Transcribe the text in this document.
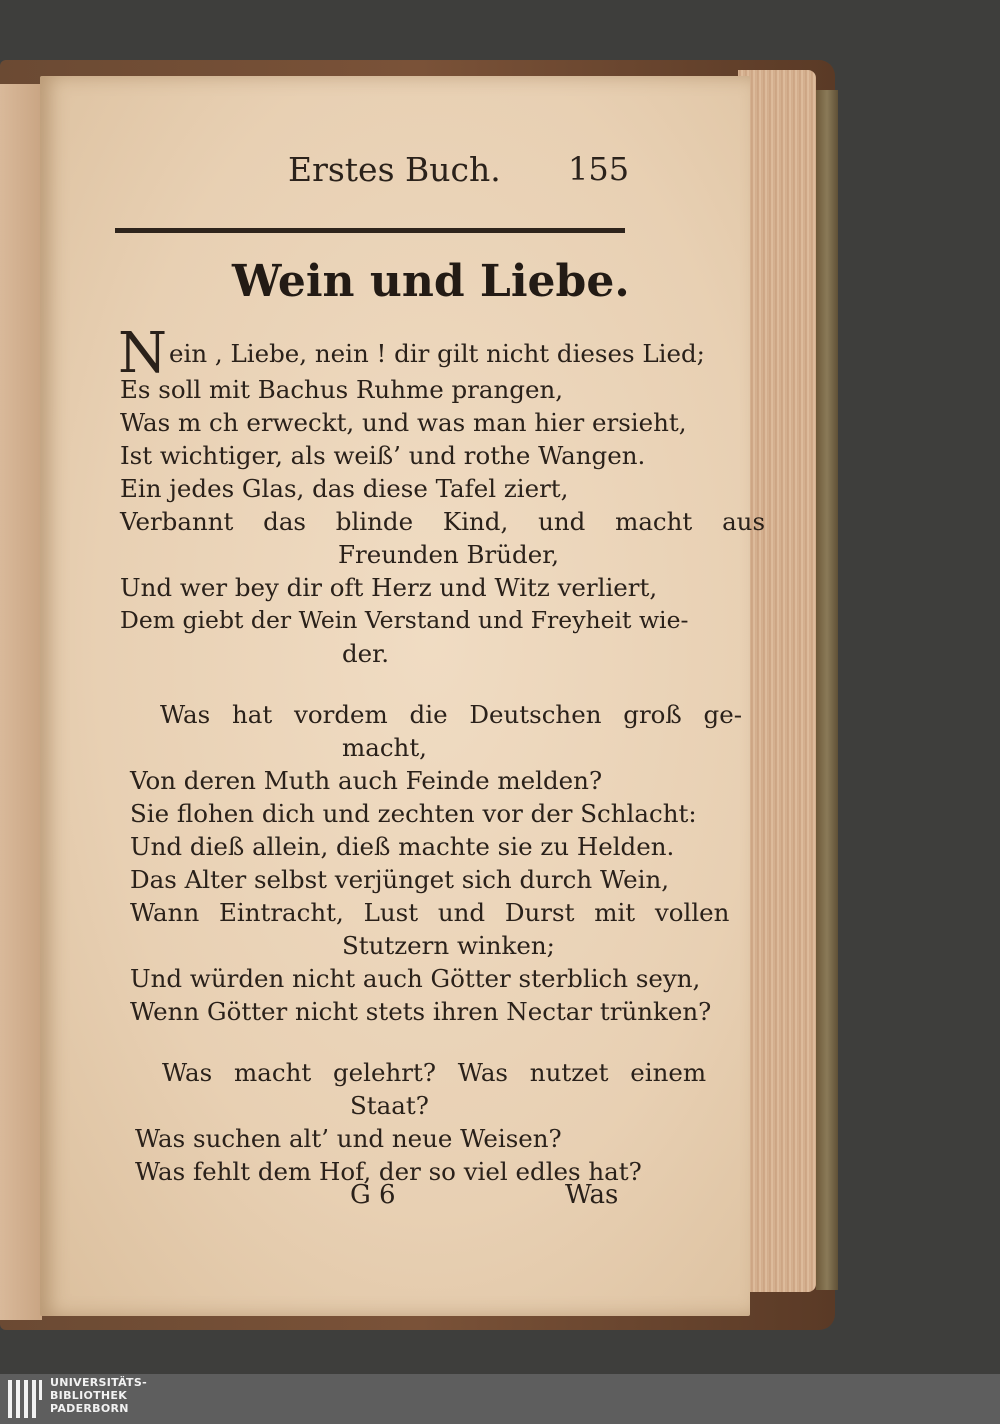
Erstes Buch. 155
Wein und Liebe.
Nein , Liebe, nein ! dir gilt nicht dieses Lied;
Es soll mit Bachus Ruhme prangen,
Was m ch erweckt, und was man hier ersieht,
Ist wichtiger, als weiß’ und rothe Wangen.
Ein jedes Glas, das diese Tafel ziert,
Verbannt das blinde Kind, und macht aus
Freunden Brüder,
Und wer bey dir oft Herz und Witz verliert,
Dem giebt der Wein Verstand und Freyheit wie-
der.
Was hat vordem die Deutschen groß ge-
macht,
Von deren Muth auch Feinde melden?
Sie flohen dich und zechten vor der Schlacht:
Und dieß allein, dieß machte sie zu Helden.
Das Alter selbst verjünget sich durch Wein,
Wann Eintracht, Lust und Durst mit vollen
Stutzern winken;
Und würden nicht auch Götter sterblich seyn,
Wenn Götter nicht stets ihren Nectar trünken?
Was macht gelehrt? Was nutzet einem
Staat?
Was suchen alt’ und neue Weisen?
Was fehlt dem Hof, der so viel edles hat?
G 6	Was
UNIVERSITÄTS-
BIBLIOTHEK
PADERBORN
